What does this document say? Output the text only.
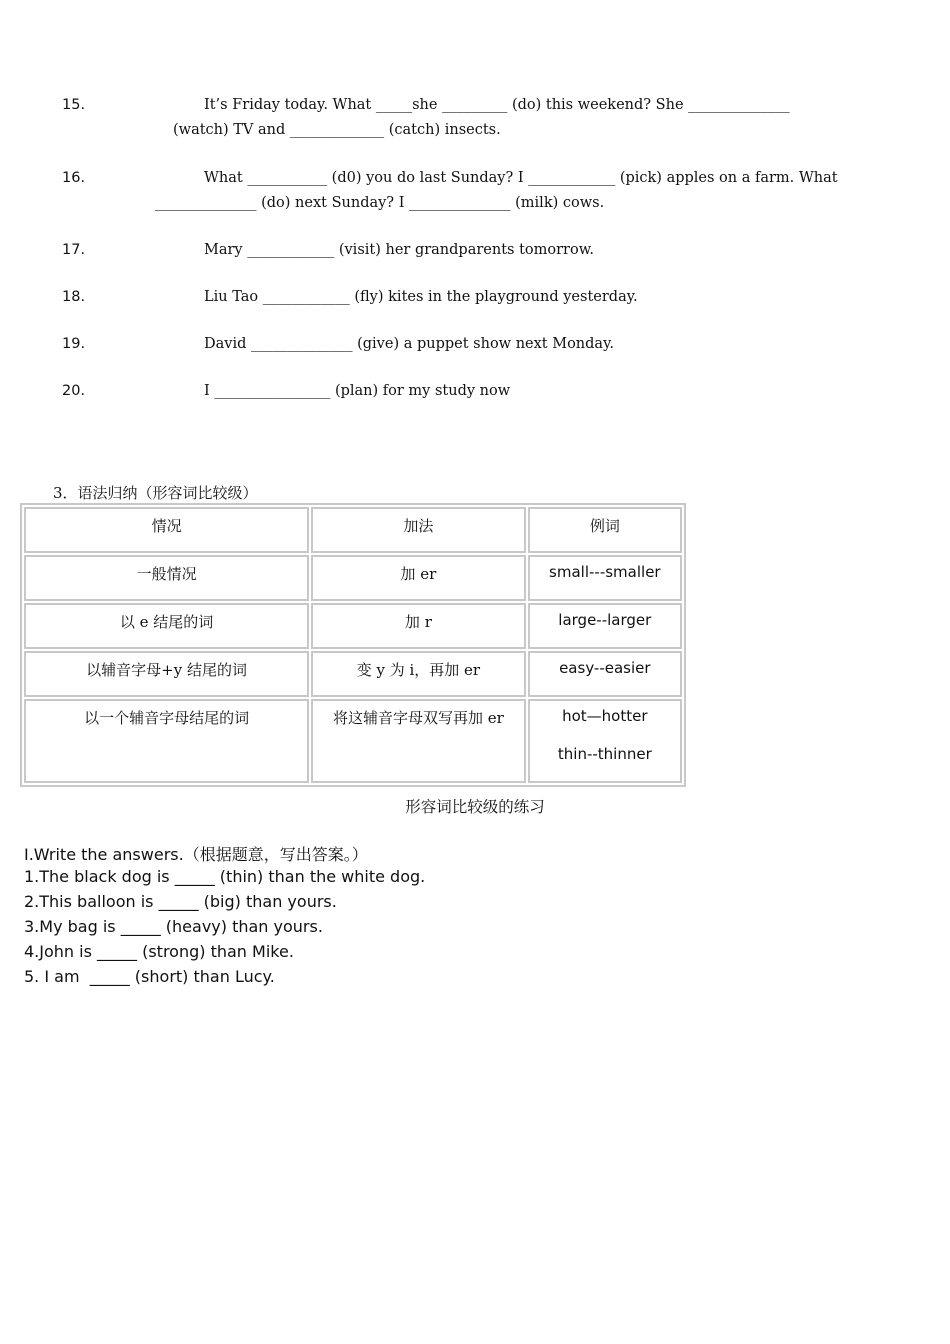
15.	It’s Friday today. What _____she _________ (do) this weekend? She ______________
(watch) TV and _____________ (catch) insects.
16.	What ___________ (d0) you do last Sunday? I ____________ (pick) apples on a farm. What
______________ (do) next Sunday? I ______________ (milk) cows.
17.	Mary ____________ (visit) her grandparents tomorrow.
18.	Liu Tao ____________ (fly) kites in the playground yesterday.
19.	David ______________ (give) a puppet show next Monday.
20.	I ________________ (plan) for my study now
3．语法归纳（形容词比较级）
情况	加法	例词
一般情况	加 er	small---smaller
以 e 结尾的词	加 r	large--larger
以辅音字母+y 结尾的词	变 y 为 i，再加 er	easy--easier
以一个辅音字母结尾的词	将这辅音字母双写再加 er	hot—hotter
thin--thinner
形容词比较级的练习
I.Write the answers.（根据题意，写出答案。）
1.The black dog is _____ (thin) than the white dog.
2.This balloon is _____ (big) than yours.
3.My bag is _____ (heavy) than yours.
4.John is _____ (strong) than Mike.
5. I am  _____ (short) than Lucy.
